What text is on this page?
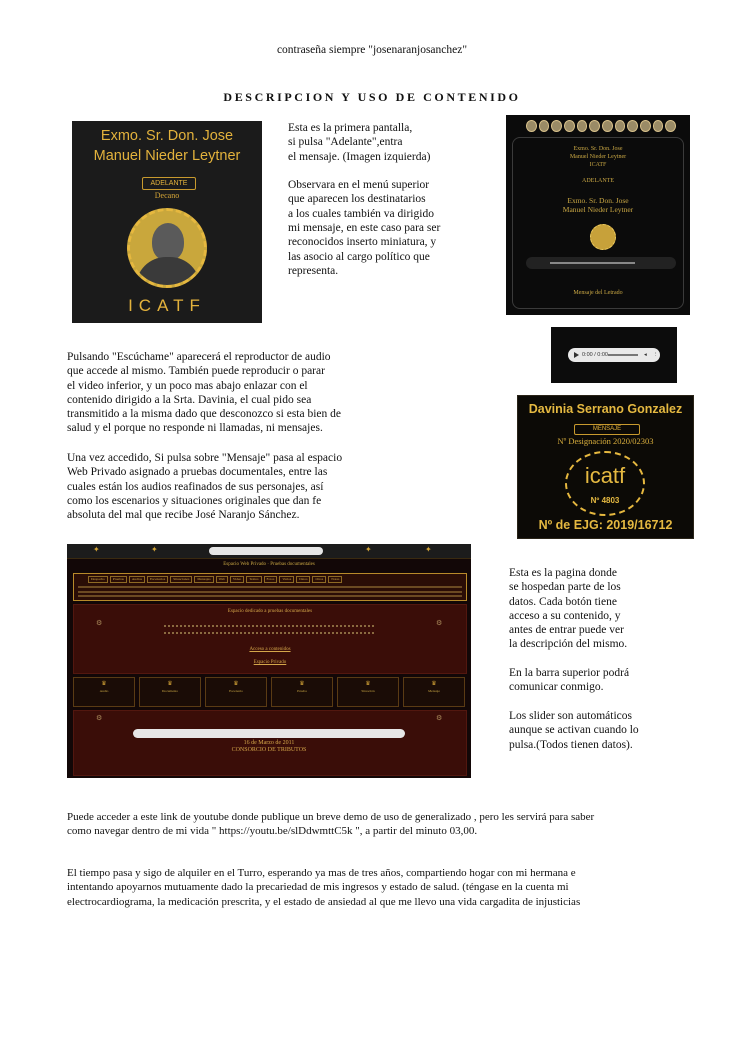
contraseña siempre "josenaranjosanchez"
DESCRIPCION Y USO DE CONTENIDO
Exmo. Sr. Don. Jose
Manuel Nieder Leytner
ADELANTE
Decano
ICATF
Esta es la primera pantalla,
si pulsa "Adelante",entra
el mensaje. (Imagen izquierda)
Observara en el menú superior
que aparecen los destinatarios
a los cuales también va dirigido
mi mensaje, en este caso para ser
reconocidos inserto miniatura, y
las asocio al cargo político que
representa.
Exmo. Sr. Don. Jose
Manuel Nieder Leytner
ICATF
ADELANTE
Exmo. Sr. Don. Jose
Manuel Nieder Leytner
Mensaje del Letrado
0:00 / 0:00	◂ ⋮
Pulsando "Escúchame" aparecerá el reproductor de audio
que accede al mismo. También puede reproducir o parar
el video inferior, y un poco mas abajo enlazar con el
contenido dirigido a la Srta. Davinia, el cual pido sea
transmitido a la misma dado que desconozco si esta bien de
salud y el porque no responde ni llamadas, ni mensajes.
Una vez accedido, Si pulsa sobre "Mensaje" pasa al espacio
Web Privado asignado a pruebas documentales, entre las
cuales están los audios reafinados de sus personajes, así
como los escenarios y situaciones originales que dan fe
absoluta del mal que recibe José Naranjo Sánchez.
Davinia Serrano Gonzalez
MENSAJE
Nº Designación 2020/02303
icatf
Nº 4803
Nº de EJG: 2019/16712
✦	✦	✦	✦
Espacio Web Privado · Pruebas documentales
Despacho	Pruebas	Audios	Escenarios	Situaciones	Mensajes	Web	Video	Textos	Fotos	Varios	Datos	Otros	Notas
Espacio dedicado a pruebas documentales
⚙	⚙
Acceso a contenidos
Espacio Privado
♛
Audio
♛
Documento
♛
Escenario
♛
Prueba
♛
Situación
♛
Mensaje
⚙	⚙
16 de Marzo de 2011
CONSORCIO DE TRIBUTOS
Esta es la pagina donde
se hospedan parte de los
datos. Cada botón tiene
acceso a su contenido, y
antes de entrar puede ver
la descripción del mismo.
En la barra superior podrá
comunicar conmigo.
Los slider son automáticos
aunque se activan cuando lo
pulsa.(Todos tienen datos).
Puede acceder a este link de youtube donde publique un breve demo de uso de generalizado , pero les servirá para saber
como navegar dentro de mi vida " https://youtu.be/slDdwmttC5k ", a partir del minuto 03,00.
El tiempo pasa y sigo de alquiler en el Turro, esperando ya mas de tres años, compartiendo hogar con mi hermana e
intentando apoyarnos mutuamente dado la precariedad de mis ingresos y estado de salud. (téngase en la cuenta mi
electrocardiograma, la medicación prescrita, y el estado de ansiedad al que me llevo una vida cargadita de injusticias
